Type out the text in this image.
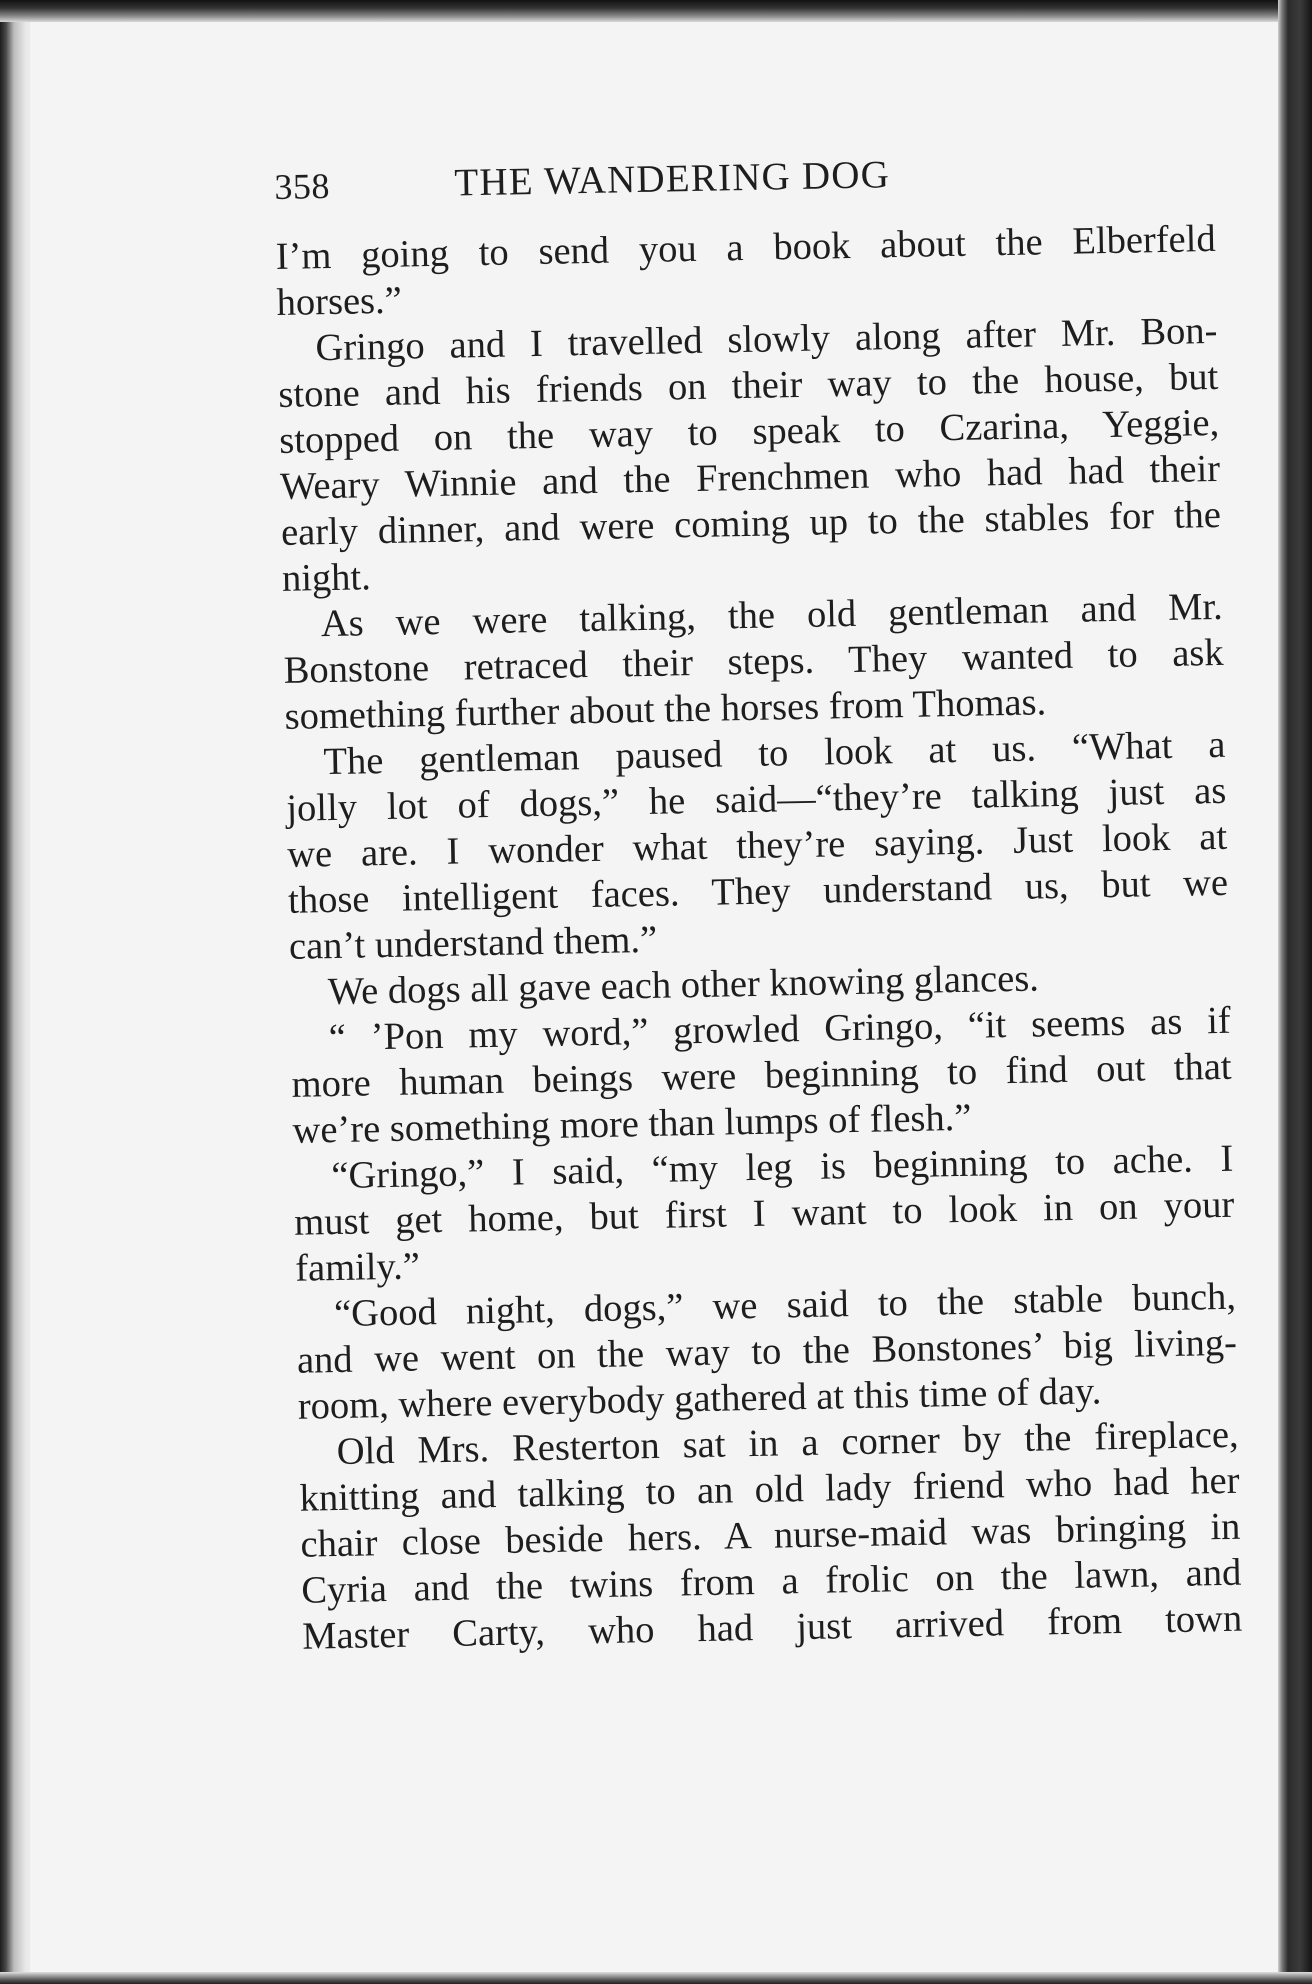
358	THE WANDERING DOG
I’m going to send you a book about the Elberfeld
horses.”
Gringo and I travelled slowly along after Mr. Bon-
stone and his friends on their way to the house, but
stopped on the way to speak to Czarina, Yeggie,
Weary Winnie and the Frenchmen who had had their
early dinner, and were coming up to the stables for the
night.
As we were talking, the old gentleman and Mr.
Bonstone retraced their steps. They wanted to ask
something further about the horses from Thomas.
The gentleman paused to look at us. “What a
jolly lot of dogs,” he said—“they’re talking just as
we are. I wonder what they’re saying. Just look at
those intelligent faces. They understand us, but we
can’t understand them.”
We dogs all gave each other knowing glances.
“ ’Pon my word,” growled Gringo, “it seems as if
more human beings were beginning to find out that
we’re something more than lumps of flesh.”
“Gringo,” I said, “my leg is beginning to ache. I
must get home, but first I want to look in on your
family.”
“Good night, dogs,” we said to the stable bunch,
and we went on the way to the Bonstones’ big living-
room, where everybody gathered at this time of day.
Old Mrs. Resterton sat in a corner by the fireplace,
knitting and talking to an old lady friend who had her
chair close beside hers. A nurse-maid was bringing in
Cyria and the twins from a frolic on the lawn, and
Master Carty, who had just arrived from town
